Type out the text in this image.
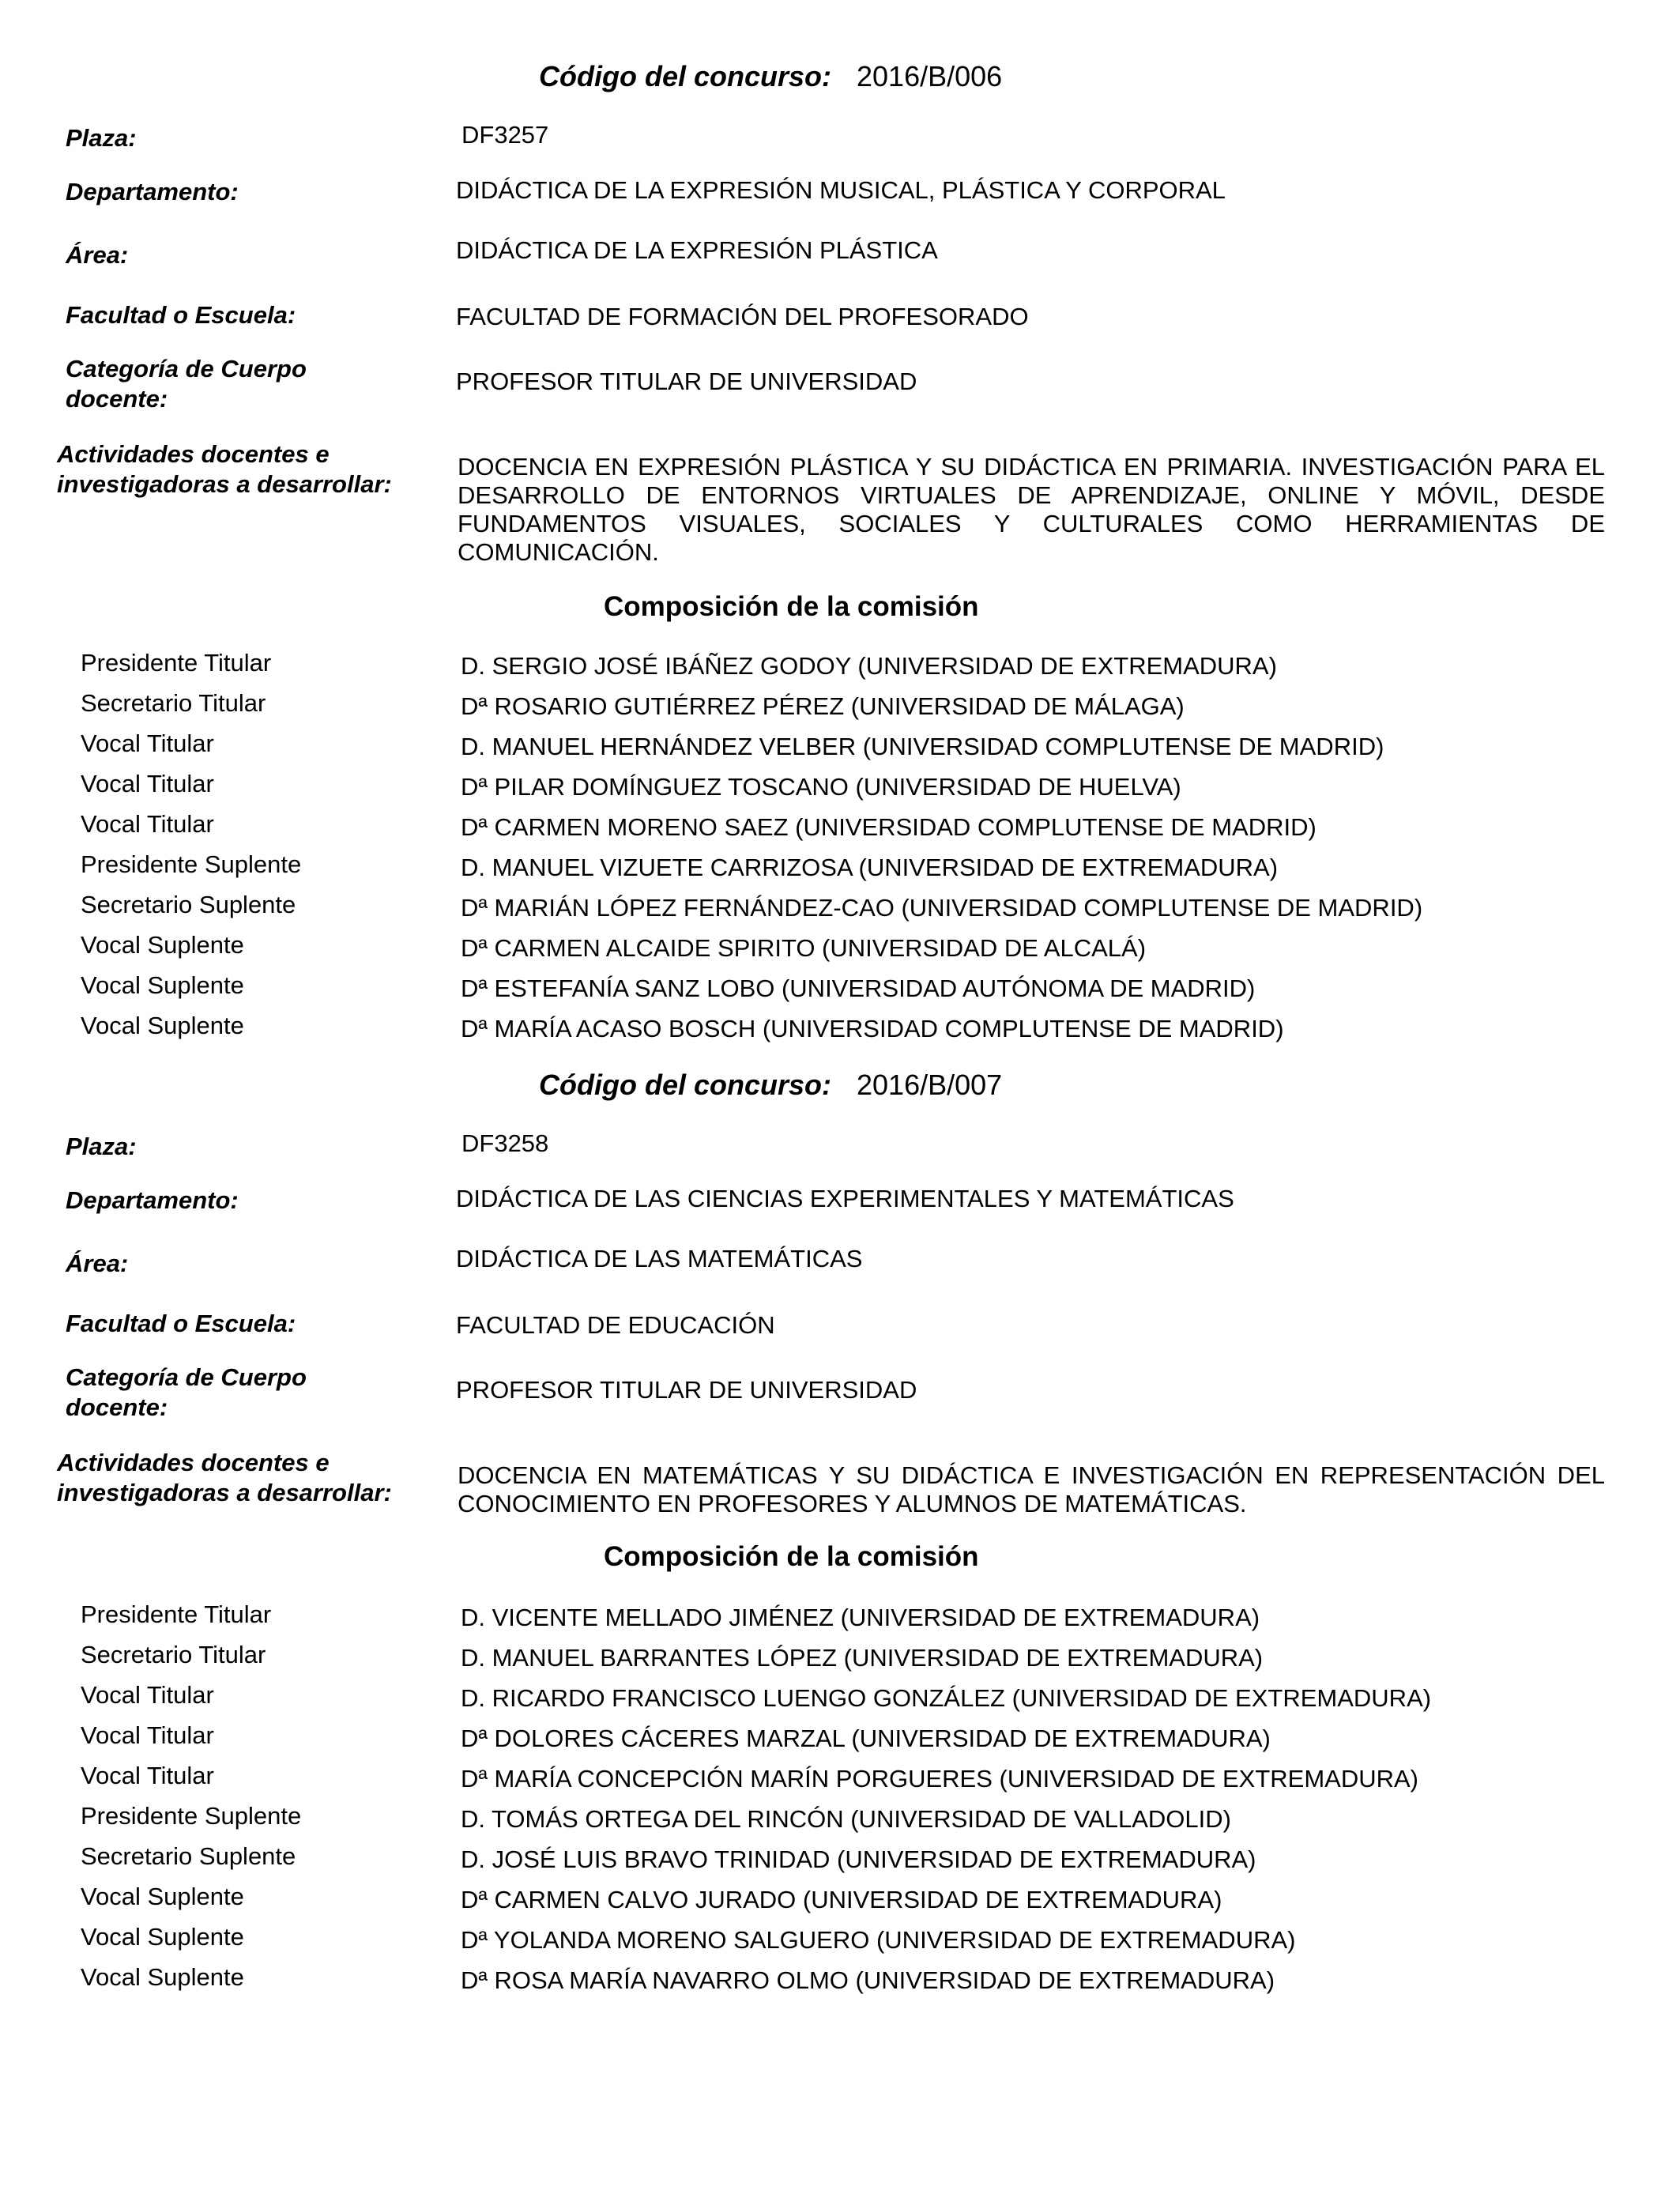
Código del concurso: 2016/B/006
Plaza:	DF3257
Departamento:	DIDÁCTICA DE LA EXPRESIÓN MUSICAL, PLÁSTICA Y CORPORAL
Área:	DIDÁCTICA DE LA EXPRESIÓN PLÁSTICA
Facultad o Escuela:	FACULTAD DE FORMACIÓN DEL PROFESORADO
Categoría de Cuerpo
docente:
PROFESOR TITULAR DE UNIVERSIDAD
Actividades docentes e
investigadoras a desarrollar:
DOCENCIA EN EXPRESIÓN PLÁSTICA Y SU DIDÁCTICA EN PRIMARIA. INVESTIGACIÓN PARA EL DESARROLLO DE ENTORNOS VIRTUALES DE APRENDIZAJE, ONLINE Y MÓVIL, DESDE FUNDAMENTOS VISUALES, SOCIALES Y CULTURALES COMO HERRAMIENTAS DE COMUNICACIÓN.
Composición de la comisión
Presidente Titular	D. SERGIO JOSÉ IBÁÑEZ GODOY (UNIVERSIDAD DE EXTREMADURA)
Secretario Titular	Dª ROSARIO GUTIÉRREZ PÉREZ (UNIVERSIDAD DE MÁLAGA)
Vocal Titular	D. MANUEL HERNÁNDEZ VELBER (UNIVERSIDAD COMPLUTENSE DE MADRID)
Vocal Titular	Dª PILAR DOMÍNGUEZ TOSCANO (UNIVERSIDAD DE HUELVA)
Vocal Titular	Dª CARMEN MORENO SAEZ (UNIVERSIDAD COMPLUTENSE DE MADRID)
Presidente Suplente	D. MANUEL VIZUETE CARRIZOSA (UNIVERSIDAD DE EXTREMADURA)
Secretario Suplente	Dª MARIÁN LÓPEZ FERNÁNDEZ-CAO (UNIVERSIDAD COMPLUTENSE DE MADRID)
Vocal Suplente	Dª CARMEN ALCAIDE SPIRITO (UNIVERSIDAD DE ALCALÁ)
Vocal Suplente	Dª ESTEFANÍA SANZ LOBO (UNIVERSIDAD AUTÓNOMA DE MADRID)
Vocal Suplente	Dª MARÍA ACASO BOSCH (UNIVERSIDAD COMPLUTENSE DE MADRID)
Código del concurso: 2016/B/007
Plaza:	DF3258
Departamento:	DIDÁCTICA DE LAS CIENCIAS EXPERIMENTALES Y MATEMÁTICAS
Área:	DIDÁCTICA DE LAS MATEMÁTICAS
Facultad o Escuela:	FACULTAD DE EDUCACIÓN
Categoría de Cuerpo
docente:
PROFESOR TITULAR DE UNIVERSIDAD
Actividades docentes e
investigadoras a desarrollar:
DOCENCIA EN MATEMÁTICAS Y SU DIDÁCTICA E INVESTIGACIÓN EN REPRESENTACIÓN DEL CONOCIMIENTO EN PROFESORES Y ALUMNOS DE MATEMÁTICAS.
Composición de la comisión
Presidente Titular	D. VICENTE MELLADO JIMÉNEZ (UNIVERSIDAD DE EXTREMADURA)
Secretario Titular	D. MANUEL BARRANTES LÓPEZ (UNIVERSIDAD DE EXTREMADURA)
Vocal Titular	D. RICARDO FRANCISCO LUENGO GONZÁLEZ (UNIVERSIDAD DE EXTREMADURA)
Vocal Titular	Dª DOLORES CÁCERES MARZAL (UNIVERSIDAD DE EXTREMADURA)
Vocal Titular	Dª MARÍA CONCEPCIÓN MARÍN PORGUERES (UNIVERSIDAD DE EXTREMADURA)
Presidente Suplente	D. TOMÁS ORTEGA DEL RINCÓN (UNIVERSIDAD DE VALLADOLID)
Secretario Suplente	D. JOSÉ LUIS BRAVO TRINIDAD (UNIVERSIDAD DE EXTREMADURA)
Vocal Suplente	Dª CARMEN CALVO JURADO (UNIVERSIDAD DE EXTREMADURA)
Vocal Suplente	Dª YOLANDA MORENO SALGUERO (UNIVERSIDAD DE EXTREMADURA)
Vocal Suplente	Dª ROSA MARÍA NAVARRO OLMO (UNIVERSIDAD DE EXTREMADURA)
